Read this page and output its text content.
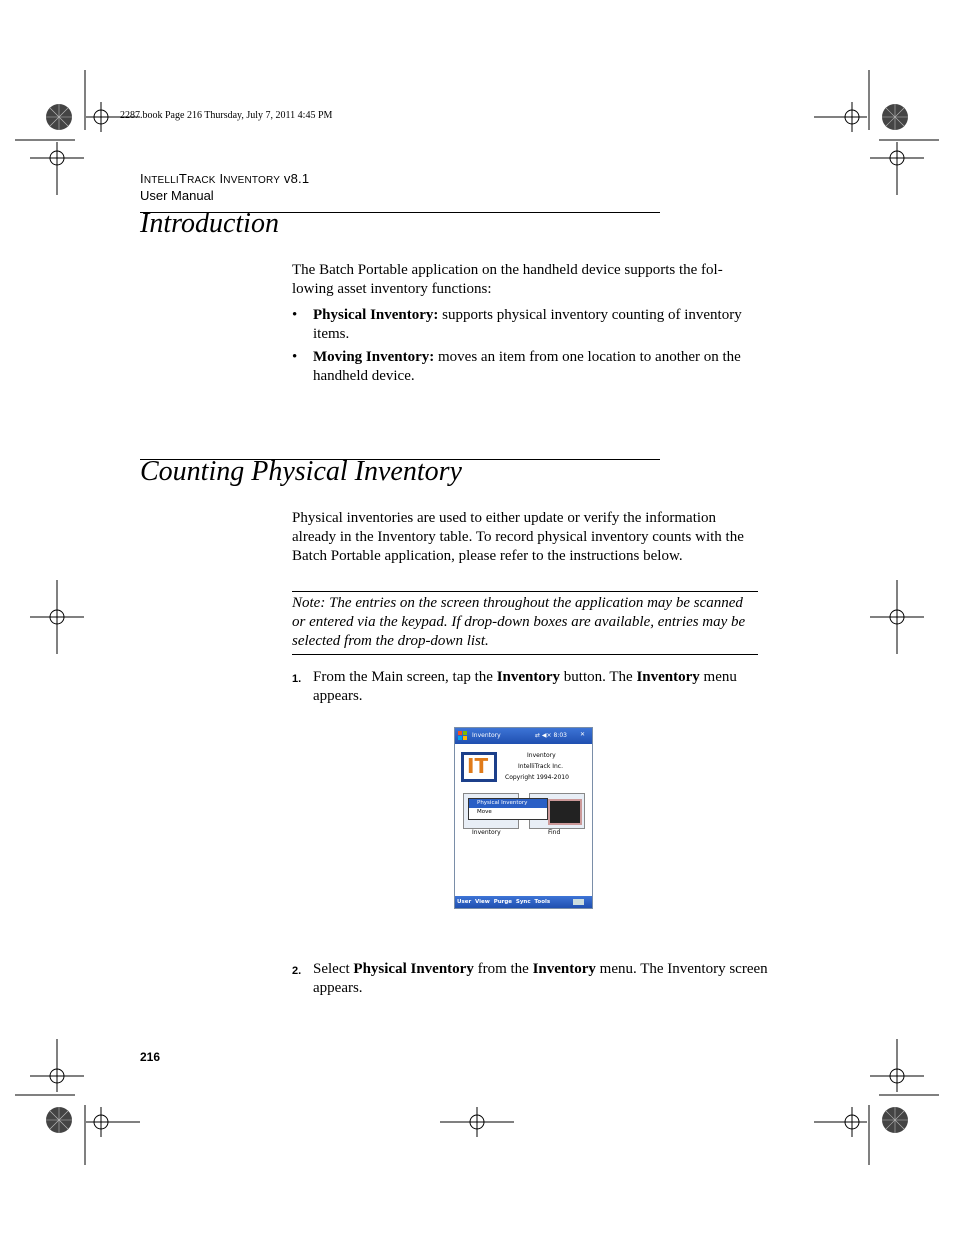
2287.book Page 216 Thursday, July 7, 2011 4:45 PM
INTELLITRACK INVENTORY v8.1
User Manual
Introduction

The Batch Portable application on the handheld device supports the fol- lowing asset inventory functions:

• Physical Inventory: supports physical inventory counting of inventory items.
• Moving Inventory: moves an item from one location to another on the handheld device.
Counting Physical Inventory
Physical inventories are used to either update or verify the information already in the Inventory table. To record physical inventory counts with the Batch Portable application, please refer to the instructions below.
Note: The entries on the screen throughout the application may be scanned or entered via the keypad. If drop-down boxes are available, entries may be selected from the drop-down list.
1. From the Main screen, tap the Inventory button. The Inventory menu appears.
Inventory	⇄ ◀× 8:03 ✕
IT	Inventory
IntelliTrack Inc.
Copyright 1994-2010
Physical Inventory
Move
Inventory	Find
User  View  Purge  Sync  Tools
2. Select Physical Inventory from the Inventory menu. The Inventory screen appears.
216
